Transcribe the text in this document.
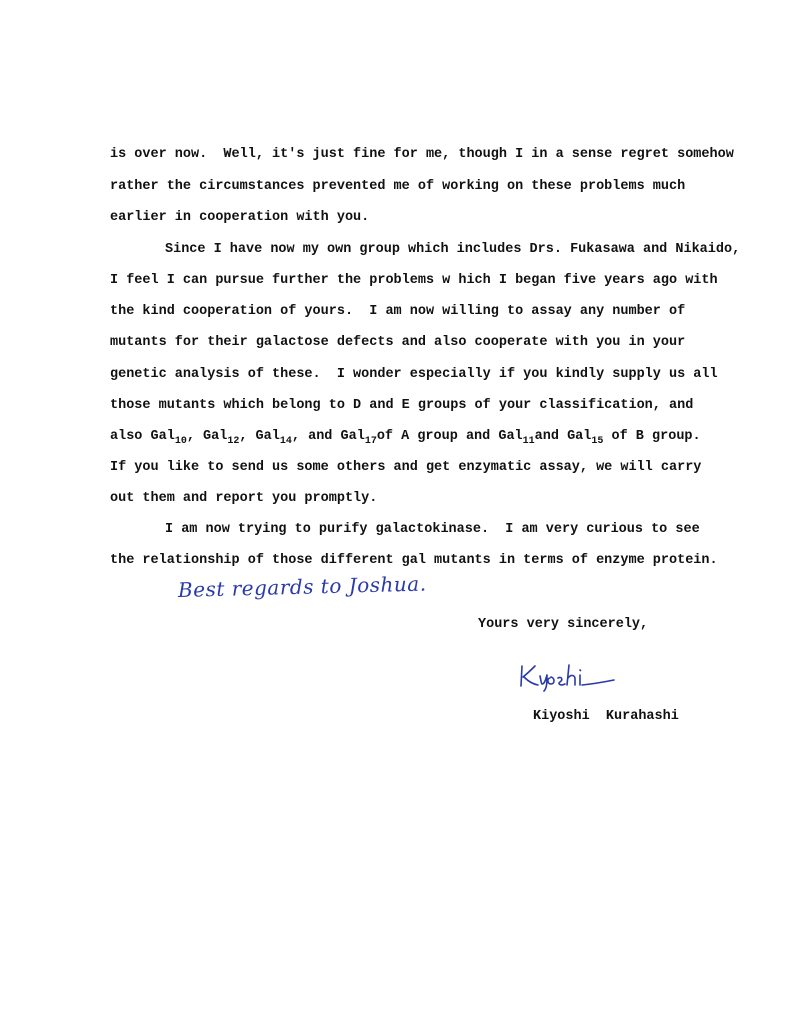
is over now.  Well, it's just fine for me, though I in a sense regret somehow
rather the circumstances prevented me of working on these problems much
earlier in cooperation with you.
Since I have now my own group which includes Drs. Fukasawa and Nikaido,
I feel I can pursue further the problems w hich I began five years ago with
the kind cooperation of yours.  I am now willing to assay any number of
mutants for their galactose defects and also cooperate with you in your
genetic analysis of these.  I wonder especially if you kindly supply us all
those mutants which belong to D and E groups of your classification, and
also Gal$_{10}$, Gal$_{12}$, Gal$_{14}$, and Gal$_{17}$of A group and Gal$_{11}$and Gal$_{15}$ of B group.
If you like to send us some others and get enzymatic assay, we will carry
out them and report you promptly.
I am now trying to purify galactokinase.  I am very curious to see
the relationship of those different gal mutants in terms of enzyme protein.
Best regards to Joshua.
Yours very sincerely,
Kiyoshi  Kurahashi
